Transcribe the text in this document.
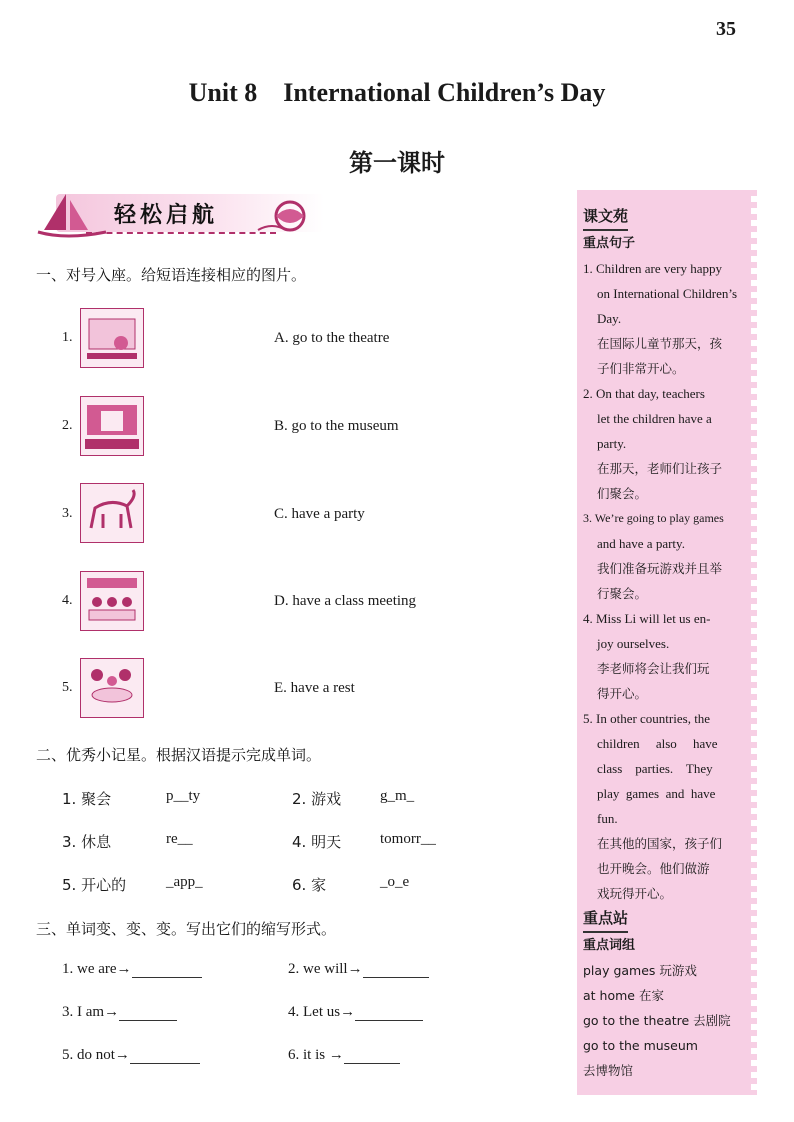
35
Unit 8    International Children’s Day
第一课时
轻松启航
一、对号入座。给短语连接相应的图片。
1.	A. go to the theatre
2.	B. go to the museum
3.	C. have a party
4.	D. have a class meeting
5.	E. have a rest
二、优秀小记星。根据汉语提示完成单词。
1. 聚会	p__ty	2. 游戏	g_m_
3. 休息	re__	4. 明天	tomorr__
5. 开心的	_app_	6. 家	_o_e
三、单词变、变、变。写出它们的缩写形式。
1. we are→	2. we will→
3. I am→	4. Let us→
5. do not→	6. it is →
课文苑
重点句子
1. Children are very happy
on International Children’s
Day.
在国际儿童节那天，孩
子们非常开心。
2. On that day, teachers
let the children have a
party.
在那天，老师们让孩子
们聚会。
3. We’re going to play games
and have a party.
我们准备玩游戏并且举
行聚会。
4. Miss Li will let us en-
joy ourselves.
李老师将会让我们玩
得开心。
5. In other countries, the
children     also     have
class    parties.    They
play  games  and  have
fun.
在其他的国家，孩子们
也开晚会。他们做游
戏玩得开心。
重点站
重点词组
play games 玩游戏
at home 在家
go to the theatre 去剧院
go to the museum
去博物馆
